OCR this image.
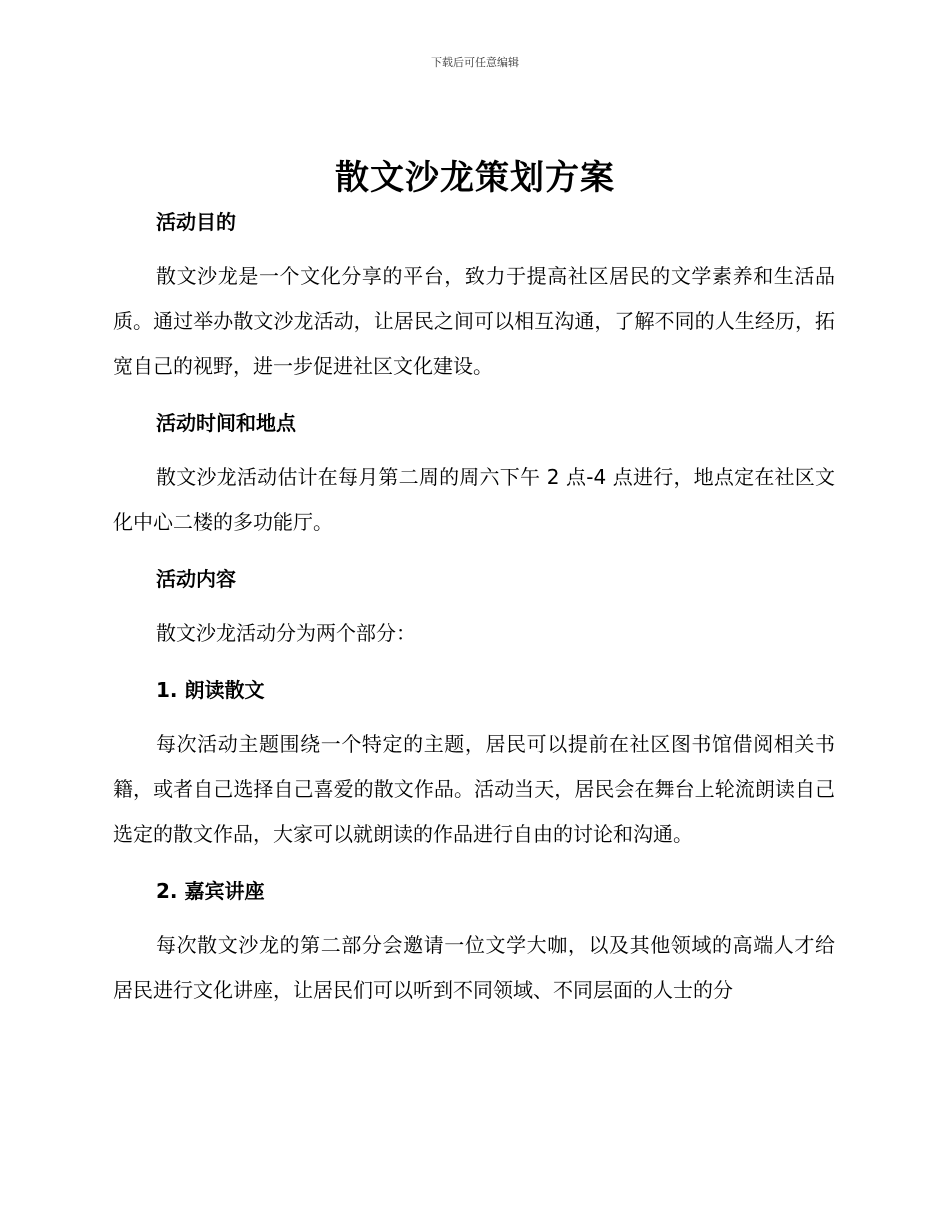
下载后可任意编辑
散文沙龙策划方案
活动目的

散文沙龙是一个文化分享的平台，致力于提高社区居民的文学素养和生活品质。通过举办散文沙龙活动，让居民之间可以相互沟通，了解不同的人生经历，拓宽自己的视野，进一步促进社区文化建设。

活动时间和地点

散文沙龙活动估计在每月第二周的周六下午 2 点-4 点进行，地点定在社区文化中心二楼的多功能厅。

活动内容

散文沙龙活动分为两个部分：

1. 朗读散文

每次活动主题围绕一个特定的主题，居民可以提前在社区图书馆借阅相关书籍，或者自己选择自己喜爱的散文作品。活动当天，居民会在舞台上轮流朗读自己选定的散文作品，大家可以就朗读的作品进行自由的讨论和沟通。

2. 嘉宾讲座

每次散文沙龙的第二部分会邀请一位文学大咖，以及其他领域的高端人才给居民进行文化讲座，让居民们可以听到不同领域、不同层面的人士的分
